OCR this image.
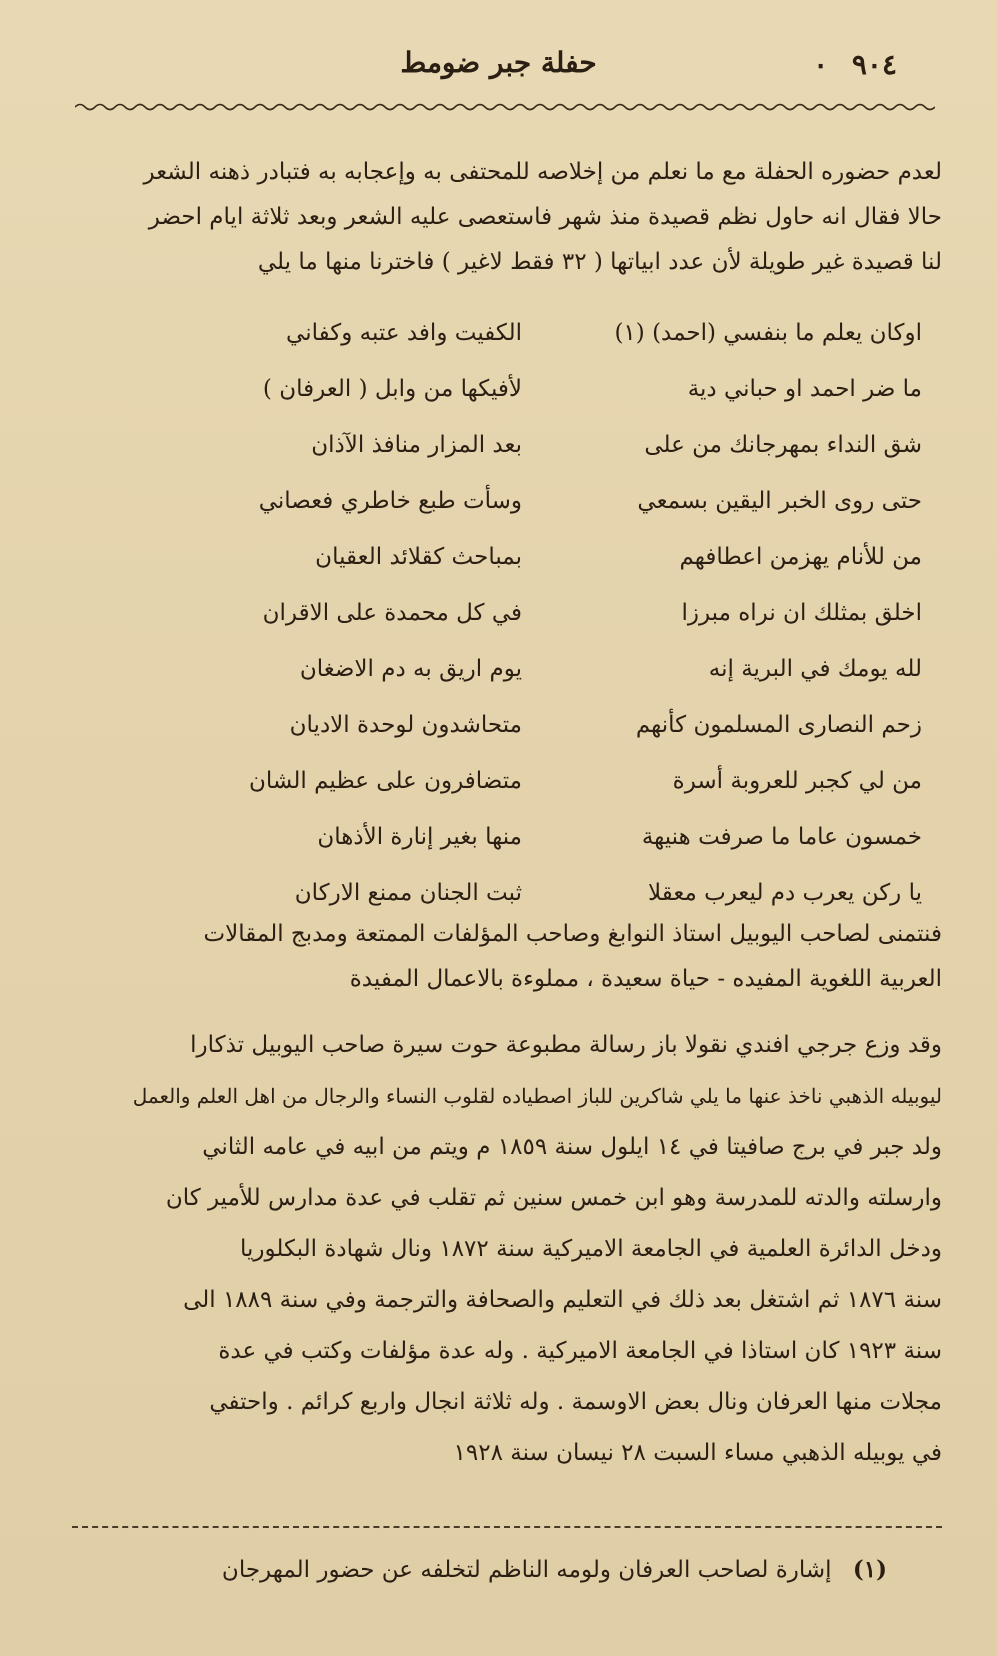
٩٠٤ ٠
حفلة جبر ضومط

لعدم حضوره الحفلة مع ما نعلم من إخلاصه للمحتفى به وإعجابه به فتبادر ذهنه الشعر

حالا فقال انه حاول نظم قصيدة منذ شهر فاستعصى عليه الشعر وبعد ثلاثة ايام احضر

لنا قصيدة غير طويلة لأن عدد ابياتها ( ٣٢ فقط لاغير ) فاخترنا منها ما يلي

اوكان يعلم ما بنفسي (احمد) (١)
الكفيت وافد عتبه وكفاني
ما ضر احمد او حباني دية
لأفيكها من وابل ( العرفان )
شق النداء بمهرجانك من على
بعد المزار منافذ الآذان
حتى روى الخبر اليقين بسمعي
وسأت طبع خاطري فعصاني
من للأنام يهزمن اعطافهم
بمباحث كقلائد العقيان
اخلق بمثلك ان نراه مبرزا
في كل محمدة على الاقران
لله يومك في البرية إنه
يوم اريق به دم الاضغان
زحم النصارى المسلمون كأنهم
متحاشدون لوحدة الاديان
من لي كجبر للعروبة أسرة
متضافرون على عظيم الشان
خمسون عاما ما صرفت هنيهة
منها بغير إنارة الأذهان
يا ركن يعرب دم ليعرب معقلا
ثبت الجنان ممنع الاركان

فنتمنى لصاحب اليوبيل استاذ النوابغ وصاحب المؤلفات الممتعة ومدبج المقالات

العربية اللغوية المفيده - حياة سعيدة ، مملوءة بالاعمال المفيدة

وقد وزع جرجي افندي نقولا باز رسالة مطبوعة حوت سيرة صاحب اليوبيل تذكارا

ليوبيله الذهبي ناخذ عنها ما يلي شاكرين للباز اصطياده لقلوب النساء والرجال من اهل العلم والعمل

ولد جبر في برج صافيتا في ١٤ ايلول سنة ١٨٥٩ م ويتم من ابيه في عامه الثاني

وارسلته والدته للمدرسة وهو ابن خمس سنين ثم تقلب في عدة مدارس للأمير كان

ودخل الدائرة العلمية في الجامعة الاميركية سنة ١٨٧٢ ونال شهادة البكلوريا

سنة ١٨٧٦ ثم اشتغل بعد ذلك في التعليم والصحافة والترجمة وفي سنة ١٨٨٩ الى

سنة ١٩٢٣ كان استاذا في الجامعة الاميركية . وله عدة مؤلفات وكتب في عدة

مجلات منها العرفان ونال بعض الاوسمة . وله ثلاثة انجال واربع كرائم . واحتفي

في يوبيله الذهبي مساء السبت ٢٨ نيسان سنة ١٩٢٨

(١) إشارة لصاحب العرفان ولومه الناظم لتخلفه عن حضور المهرجان
